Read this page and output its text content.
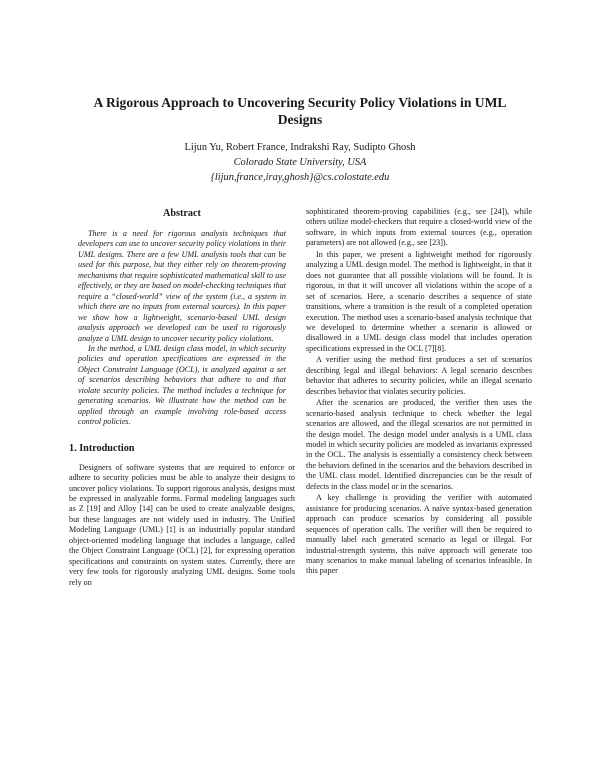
A Rigorous Approach to Uncovering Security Policy Violations in UML Designs
Lijun Yu, Robert France, Indrakshi Ray, Sudipto Ghosh
Colorado State University, USA
{lijun,france,iray,ghosh}@cs.colostate.edu
Abstract

There is a need for rigorous analysis techniques that developers can use to uncover security policy violations in their UML designs. There are a few UML analysis tools that can be used for this purpose, but they either rely on theorem-proving mechanisms that require sophisticated mathematical skill to use effectively, or they are based on model-checking techniques that require a “closed-world” view of the system (i.e., a system in which there are no inputs from external sources). In this paper we show how a lightweight, scenario-based UML design analysis approach we developed can be used to rigorously analyze a UML design to uncover security policy violations.

In the method, a UML design class model, in which security policies and operation specifications are expressed in the Object Constraint Language (OCL), is analyzed against a set of scenarios describing behaviors that adhere to and that violate security policies. The method includes a technique for generating scenarios. We illustrate how the method can be applied through an example involving role-based access control policies.

1. Introduction

Designers of software systems that are required to enforce or adhere to security policies must be able to analyze their designs to uncover policy violations. To support rigorous analysis, designs must be expressed in analyzable forms. Formal modeling languages such as Z [19] and Alloy [14] can be used to create analyzable designs, but these languages are not widely used in industry. The Unified Modeling Language (UML) [1] is an industrially popular standard object-oriented modeling language that includes a language, called the Object Constraint Language (OCL) [2], for expressing operation specifications and constraints on system states. Currently, there are very few tools for rigorously analyzing UML designs. Some tools rely on

sophisticated theorem-proving capabilities (e.g., see [24]), while others utilize model-checkers that require a closed-world view of the software, in which inputs from external sources (e.g., operation parameters) are not allowed (e.g., see [23]).

In this paper, we present a lightweight method for rigorously analyzing a UML design model. The method is lightweight, in that it does not guarantee that all possible violations will be found. It is rigorous, in that it will uncover all violations within the scope of a set of scenarios. Here, a scenario describes a sequence of state transitions, where a transition is the result of a completed operation execution. The method uses a scenario-based analysis technique that we developed to determine whether a scenario is allowed or disallowed in a UML design class model that includes operation specifications expressed in the OCL [7][8].

A verifier using the method first produces a set of scenarios describing legal and illegal behaviors: A legal scenario describes behavior that adheres to security policies, while an illegal scenario describes behavior that violates security policies.

After the scenarios are produced, the verifier then uses the scenario-based analysis technique to check whether the legal scenarios are allowed, and the illegal scenarios are not permitted in the design model. The design model under analysis is a UML class model in which security policies are modeled as invariants expressed in the OCL. The analysis is essentially a consistency check between the behaviors defined in the scenarios and the behaviors described in the UML class model. Identified discrepancies can be the result of defects in the class model or in the scenarios.

A key challenge is providing the verifier with automated assistance for producing scenarios. A naïve syntax-based generation approach can produce scenarios by considering all possible sequences of operation calls. The verifier will then be required to manually label each generated scenario as legal or illegal. For industrial-strength systems, this naïve approach will generate too many scenarios to make manual labeling of scenarios infeasible. In this paper
